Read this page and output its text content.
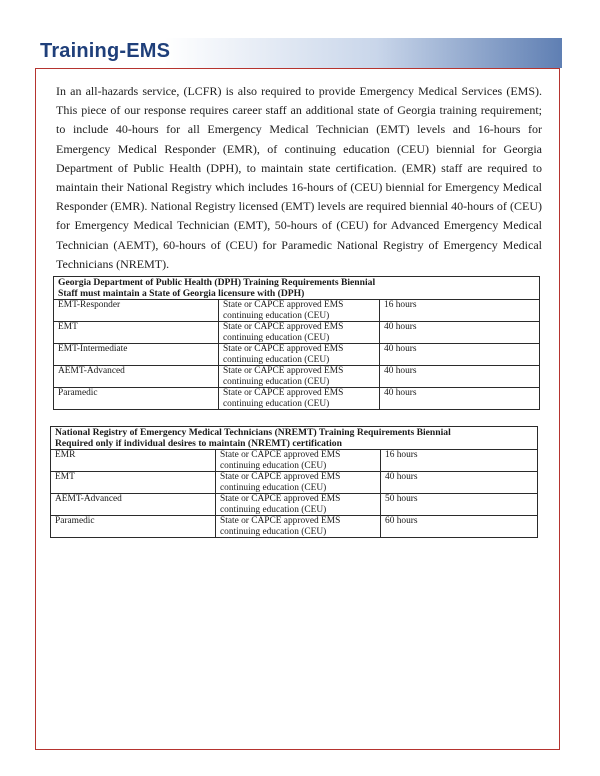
Training-EMS

In an all-hazards service, (LCFR) is also required to provide Emergency Medical Services (EMS). This piece of our response requires career staff an additional state of Georgia training requirement; to include 40-hours for all Emergency Medical Technician (EMT) levels and 16-hours for Emergency Medical Responder (EMR), of continuing education (CEU) biennial for Georgia Department of Public Health (DPH), to maintain state certification. (EMR) staff are required to maintain their National Registry which includes 16-hours of (CEU) biennial for Emergency Medical Responder (EMR). National Registry licensed (EMT) levels are required biennial 40-hours of (CEU) for Emergency Medical Technician (EMT), 50-hours of (CEU) for Advanced Emergency Medical Technician (AEMT), 60-hours of (CEU) for Paramedic National Registry of Emergency Medical Technicians (NREMT).

Georgia Department of Public Health (DPH) Training Requirements Biennial
Staff must maintain a State of Georgia licensure with (DPH)		

EMT-Responder	State or CAPCE approved EMS continuing education (CEU)	16 hours
EMT	State or CAPCE approved EMS continuing education (CEU)	40 hours
EMT-Intermediate	State or CAPCE approved EMS continuing education (CEU)	40 hours
AEMT-Advanced	State or CAPCE approved EMS continuing education (CEU)	40 hours
Paramedic	State or CAPCE approved EMS continuing education (CEU)	40 hours
National Registry of Emergency Medical Technicians (NREMT) Training Requirements Biennial
Required only if individual desires to maintain (NREMT) certification		

EMR	State or CAPCE approved EMS continuing education (CEU)	16 hours
EMT	State or CAPCE approved EMS continuing education (CEU)	40 hours
AEMT-Advanced	State or CAPCE approved EMS continuing education (CEU)	50 hours
Paramedic	State or CAPCE approved EMS continuing education (CEU)	60 hours
